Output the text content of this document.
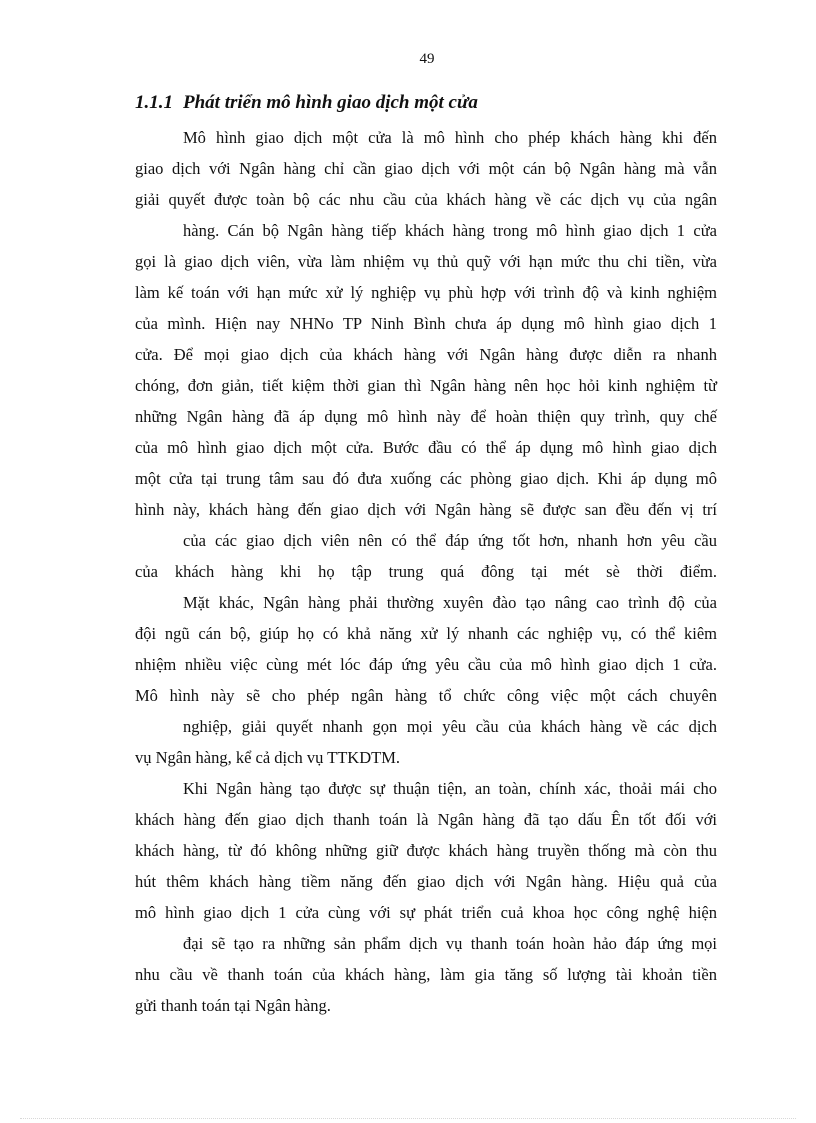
49
1.1.1 Phát triển mô hình giao dịch một cửa
Mô hình giao dịch một cửa là mô hình cho phép khách hàng khi đến
giao dịch với Ngân hàng chỉ cần giao dịch với một cán bộ Ngân hàng mà vẫn
giải quyết được toàn bộ các nhu cầu của khách hàng về các dịch vụ của ngân
hàng. Cán bộ Ngân hàng tiếp khách hàng trong mô hình giao dịch 1 cửa
gọi là giao dịch viên, vừa làm nhiệm vụ thủ quỹ với hạn mức thu chi tiền, vừa
làm kế toán với hạn mức xử lý nghiệp vụ phù hợp với trình độ và kinh nghiệm
của mình. Hiện nay NHNo TP Ninh Bình chưa áp dụng mô hình giao dịch 1
cửa. Để mọi giao dịch của khách hàng với Ngân hàng được diễn ra nhanh
chóng, đơn giản, tiết kiệm thời gian thì Ngân hàng nên học hỏi kinh nghiệm từ
những Ngân hàng đã áp dụng mô hình này để hoàn thiện quy trình, quy chế
của mô hình giao dịch một cửa. Bước đầu có thể áp dụng mô hình giao dịch
một cửa tại trung tâm sau đó đưa xuống các phòng giao dịch. Khi áp dụng mô
hình này, khách hàng đến giao dịch với Ngân hàng sẽ được san đều đến vị trí
của các giao dịch viên nên có thể đáp ứng tốt hơn, nhanh hơn yêu cầu
của khách hàng khi họ tập trung quá đông tại mét sè thời điểm.
Mặt khác, Ngân hàng phải thường xuyên đào tạo nâng cao trình độ của
đội ngũ cán bộ, giúp họ có khả năng xử lý nhanh các nghiệp vụ, có thể kiêm
nhiệm nhiều việc cùng mét lóc đáp ứng yêu cầu của mô hình giao dịch 1 cửa.
Mô hình này sẽ cho phép ngân hàng tổ chức công việc một cách chuyên
nghiệp, giải quyết nhanh gọn mọi yêu cầu của khách hàng về các dịch
vụ Ngân hàng, kể cả dịch vụ TTKDTM.
Khi Ngân hàng tạo được sự thuận tiện, an toàn, chính xác, thoải mái cho
khách hàng đến giao dịch thanh toán là Ngân hàng đã tạo dấu Ên tốt đối với
khách hàng, từ đó không những giữ được khách hàng truyền thống mà còn thu
hút thêm khách hàng tiềm năng đến giao dịch với Ngân hàng. Hiệu quả của
mô hình giao dịch 1 cửa cùng với sự phát triển cuả khoa học công nghệ hiện
đại sẽ tạo ra những sản phẩm dịch vụ thanh toán hoàn hảo đáp ứng mọi
nhu cầu về thanh toán của khách hàng, làm gia tăng số lượng tài khoản tiền
gửi thanh toán tại Ngân hàng.
